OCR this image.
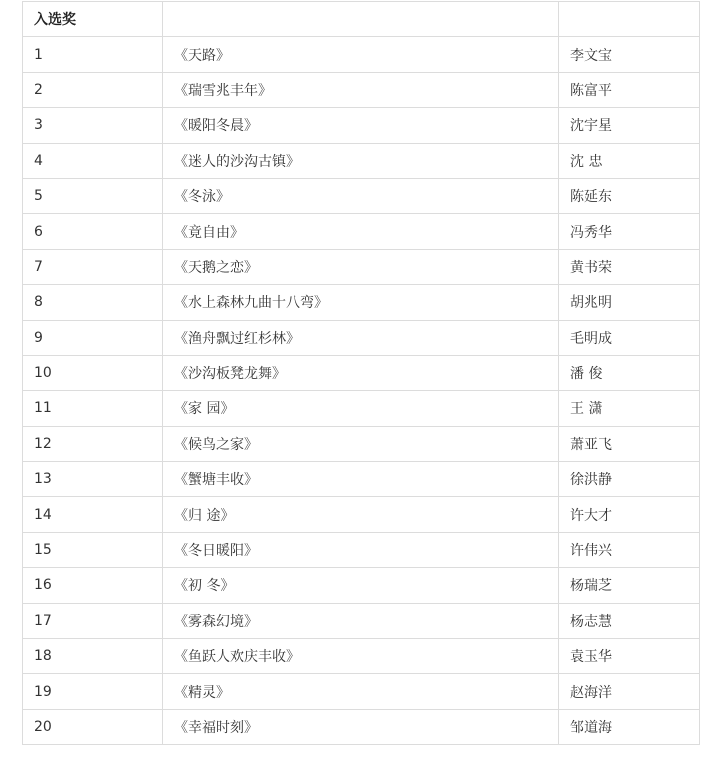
入选奖		
1	《天路》	李文宝
2	《瑞雪兆丰年》	陈富平
3	《暖阳冬晨》	沈宇星
4	《迷人的沙沟古镇》	沈 忠
5	《冬泳》	陈延东
6	《竟自由》	冯秀华
7	《天鹅之恋》	黄书荣
8	《水上森林九曲十八弯》	胡兆明
9	《渔舟飘过红杉林》	毛明成
10	《沙沟板凳龙舞》	潘 俊
11	《家 园》	王 潇
12	《候鸟之家》	萧亚飞
13	《蟹塘丰收》	徐洪静
14	《归 途》	许大才
15	《冬日暖阳》	许伟兴
16	《初 冬》	杨瑞芝
17	《雾森幻境》	杨志慧
18	《鱼跃人欢庆丰收》	袁玉华
19	《精灵》	赵海洋
20	《幸福时刻》	邹道海
